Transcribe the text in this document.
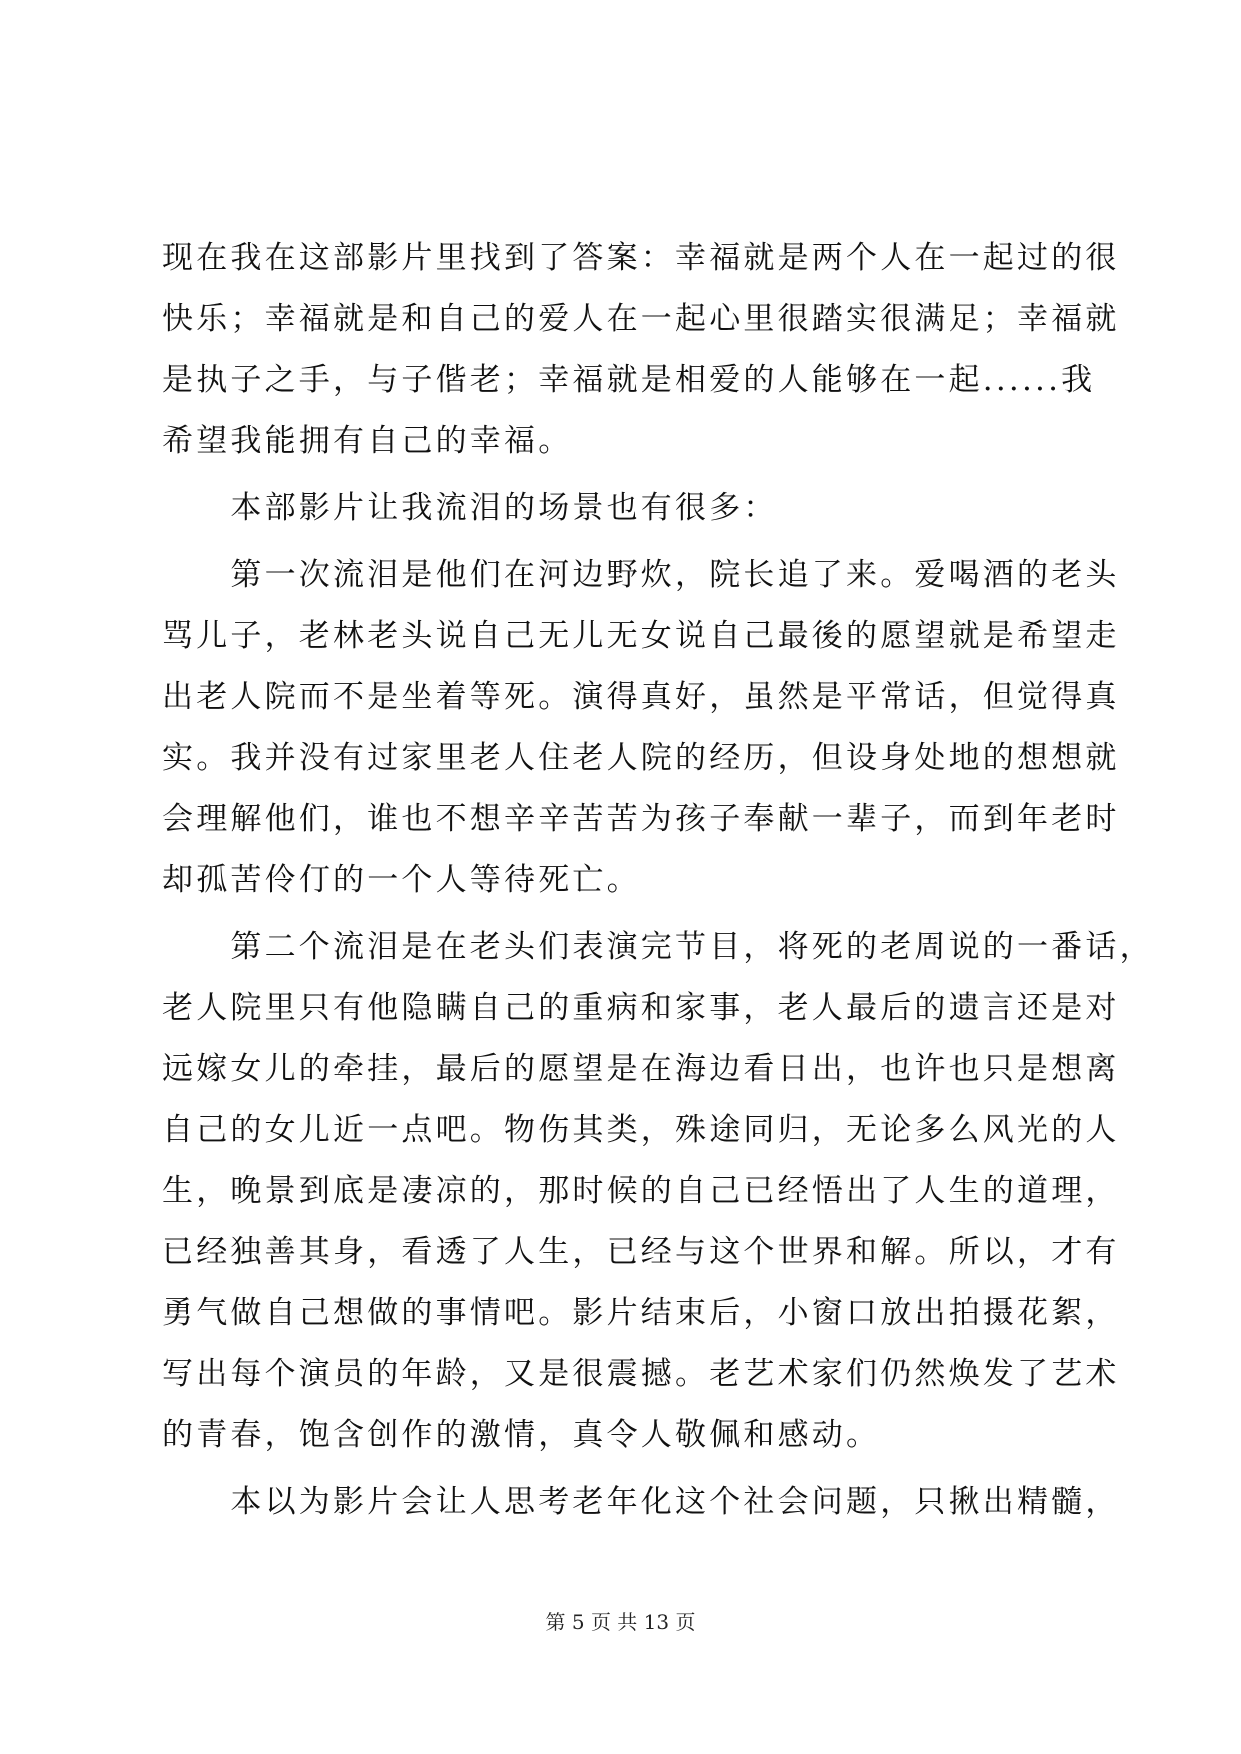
现在我在这部影片里找到了答案：幸福就是两个人在一起过的很
快乐；幸福就是和自己的爱人在一起心里很踏实很满足；幸福就
是执子之手，与子偕老；幸福就是相爱的人能够在一起......我
希望我能拥有自己的幸福。
　　本部影片让我流泪的场景也有很多：
　　第一次流泪是他们在河边野炊，院长追了来。爱喝酒的老头
骂儿子，老林老头说自己无儿无女说自己最後的愿望就是希望走
出老人院而不是坐着等死。演得真好，虽然是平常话，但觉得真
实。我并没有过家里老人住老人院的经历，但设身处地的想想就
会理解他们，谁也不想辛辛苦苦为孩子奉献一辈子，而到年老时
却孤苦伶仃的一个人等待死亡。
　　第二个流泪是在老头们表演完节目，将死的老周说的一番话，
老人院里只有他隐瞒自己的重病和家事，老人最后的遗言还是对
远嫁女儿的牵挂，最后的愿望是在海边看日出，也许也只是想离
自己的女儿近一点吧。物伤其类，殊途同归，无论多么风光的人
生，晚景到底是凄凉的，那时候的自己已经悟出了人生的道理，
已经独善其身，看透了人生，已经与这个世界和解。所以，才有
勇气做自己想做的事情吧。影片结束后，小窗口放出拍摄花絮，
写出每个演员的年龄，又是很震撼。老艺术家们仍然焕发了艺术
的青春，饱含创作的激情，真令人敬佩和感动。
　　本以为影片会让人思考老年化这个社会问题，只揪出精髓，
第 5 页 共 13 页
